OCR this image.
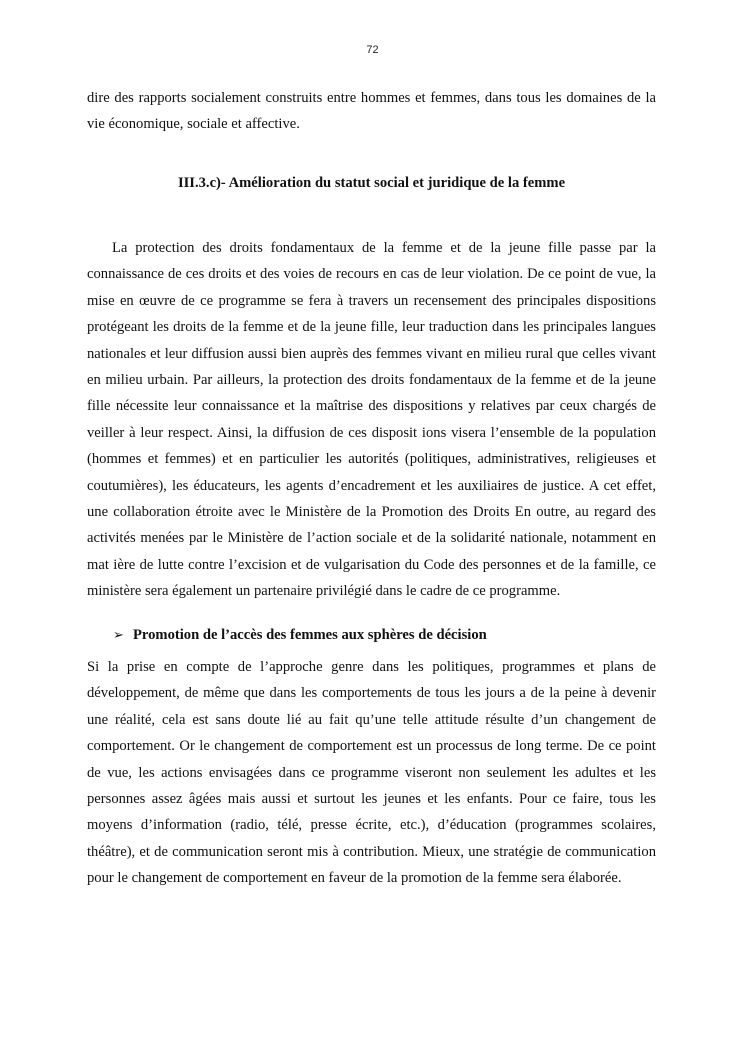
72

dire des rapports socialement construits entre hommes et femmes, dans tous les domaines de la vie économique, sociale et affective.

III.3.c)- Amélioration du statut social et juridique de la femme

La protection des droits fondamentaux de la femme et de la jeune fille passe par la connaissance de ces droits et des voies de recours en cas de leur violation. De ce point de vue, la mise en œuvre de ce programme se fera à travers un recensement des principales dispositions protégeant les droits de la femme et de la jeune fille, leur traduction dans les principales langues nationales et leur diffusion aussi bien auprès des femmes vivant en milieu rural que celles vivant en milieu urbain. Par ailleurs, la protection des droits fondamentaux de la femme et de la jeune fille nécessite leur connaissance et la maîtrise des dispositions y relatives par ceux chargés de veiller à leur respect. Ainsi, la diffusion de ces disposit ions visera l’ensemble de la population (hommes et femmes) et en particulier les autorités (politiques, administratives, religieuses et coutumières), les éducateurs, les agents d’encadrement et les auxiliaires de justice. A cet effet, une collaboration étroite avec le Ministère de la Promotion des Droits En outre, au regard des activités menées par le Ministère de l’action sociale et de la solidarité nationale, notamment en mat ière de lutte contre l’excision et de vulgarisation du Code des personnes et de la famille, ce ministère sera également un partenaire privilégié dans le cadre de ce programme.

➢ Promotion de l’accès des femmes aux sphères de décision

Si la prise en compte de l’approche genre dans les politiques, programmes et plans de développement, de même que dans les comportements de tous les jours a de la peine à devenir une réalité, cela est sans doute lié au fait qu’une telle attitude résulte d’un changement de comportement. Or le changement de comportement est un processus de long terme. De ce point de vue, les actions envisagées dans ce programme viseront non seulement les adultes et les personnes assez âgées mais aussi et surtout les jeunes et les enfants. Pour ce faire, tous les moyens d’information (radio, télé, presse écrite, etc.), d’éducation (programmes scolaires, théâtre), et de communication seront mis à contribution. Mieux, une stratégie de communication pour le changement de comportement en faveur de la promotion de la femme sera élaborée.
